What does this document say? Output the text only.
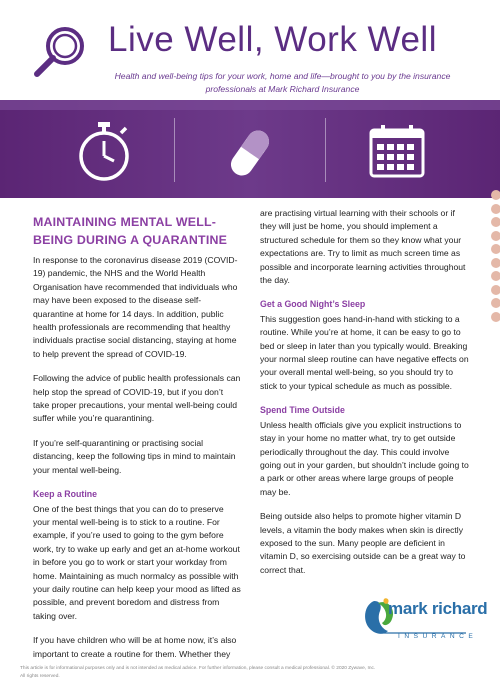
Live Well, Work Well
Health and well-being tips for your work, home and life—brought to you by the insurance professionals at Mark Richard Insurance
MAINTAINING MENTAL WELL-BEING DURING A QUARANTINE

In response to the coronavirus disease 2019 (COVID-19) pandemic, the NHS and the World Health Organisation have recommended that individuals who may have been exposed to the disease self-quarantine at home for 14 days. In addition, public health professionals are recommending that healthy individuals practise social distancing, staying at home to help prevent the spread of COVID-19.

Following the advice of public health professionals can help stop the spread of COVID-19, but if you don’t take proper precautions, your mental well-being could suffer while you’re quarantining.

If you’re self-quarantining or practising social distancing, keep the following tips in mind to maintain your mental well-being.

Keep a Routine

One of the best things that you can do to preserve your mental well-being is to stick to a routine. For example, if you’re used to going to the gym before work, try to wake up early and get an at-home workout in before you go to work or start your workday from home. Maintaining as much normalcy as possible with your daily routine can help keep your mood as lifted as possible, and prevent boredom and distress from taking over.

If you have children who will be at home now, it’s also important to create a routine for them. Whether they

are practising virtual learning with their schools or if they will just be home, you should implement a structured schedule for them so they know what your expectations are. Try to limit as much screen time as possible and incorporate learning activities throughout the day.

Get a Good Night’s Sleep

This suggestion goes hand-in-hand with sticking to a routine. While you’re at home, it can be easy to go to bed or sleep in later than you typically would. Breaking your normal sleep routine can have negative effects on your overall mental well-being, so you should try to stick to your typical schedule as much as possible.

Spend Time Outside

Unless health officials give you explicit instructions to stay in your home no matter what, try to get outside periodically throughout the day. This could involve going out in your garden, but shouldn’t include going to a park or other areas where large groups of people may be.

Being outside also helps to promote higher vitamin D levels, a vitamin the body makes when skin is directly exposed to the sun. Many people are deficient in vitamin D, so exercising outside can be a great way to correct that.

mark richard
INSURANCE
This article is for informational purposes only and is not intended as medical advice. For further information, please consult a medical professional. © 2020 Zywave, Inc. All rights reserved.
